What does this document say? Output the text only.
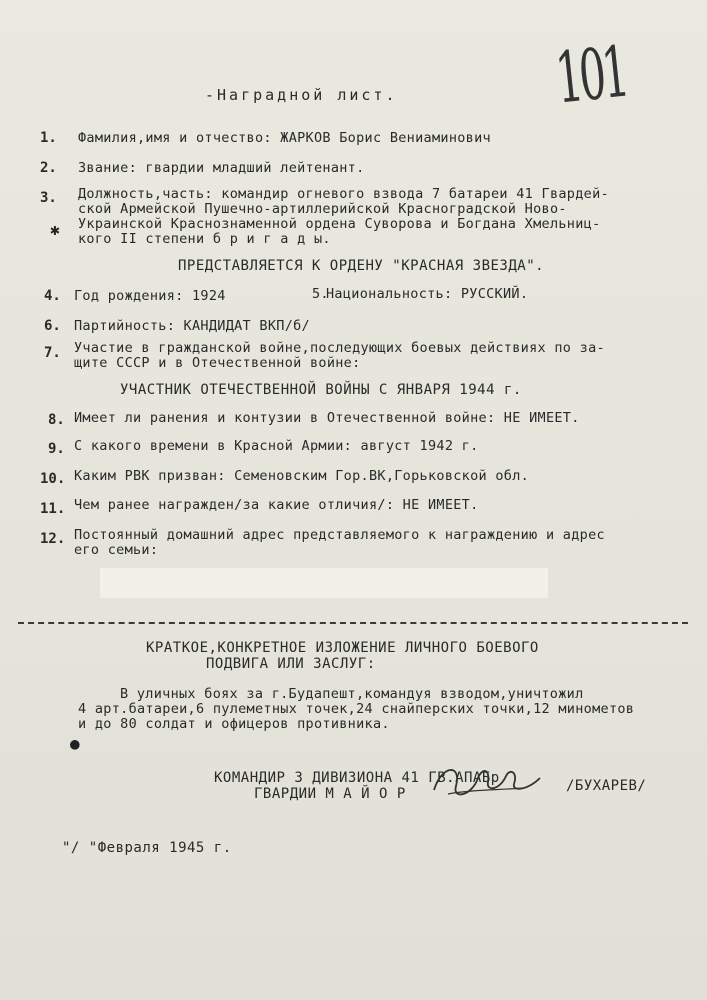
101
-Наградной лист.
1. Фамилия,имя и отчество: ЖАРКОВ Борис Вениаминович
2. Звание: гвардии младший лейтенант.
3. Должность,часть: командир огневого взвода 7 батареи 41 Гвардей-
ской Армейской Пушечно-артиллерийской Красноградской Ново-
Украинской Краснознаменной ордена Суворова и Богдана Хмельниц-
кого II степени б р и г а д ы.
✱
ПРЕДСТАВЛЯЕТСЯ К ОРДЕНУ "КРАСНАЯ ЗВЕЗДА".
4. Год рождения: 1924	5.
Национальность: РУССКИЙ.
6. Партийность: КАНДИДАТ ВКП/б/
7. Участие в гражданской войне,последующих боевых действиях по за-
щите СССР и в Отечественной войне:
УЧАСТНИК ОТЕЧЕСТВЕННОЙ ВОЙНЫ С ЯНВАРЯ 1944 г.
8. Имеет ли ранения и контузии в Отечественной войне: НЕ ИМЕЕТ.
9. С какого времени в Красной Армии: август 1942 г.
10. Каким РВК призван: Семеновским Гор.ВК,Горьковской обл.
11. Чем ранее награжден/за какие отличия/: НЕ ИМЕЕТ.
12. Постоянный домашний адрес представляемого к награждению и адрес
его семьи:
КРАТКОЕ,КОНКРЕТНОЕ ИЗЛОЖЕНИЕ ЛИЧНОГО БОЕВОГО
ПОДВИГА ИЛИ ЗАСЛУГ:
В уличных боях за г.Будапешт,командуя взводом,уничтожил
4 арт.батареи,6 пулеметных точек,24 снайперских точки,12 минометов
и до 80 солдат и офицеров противника.
●
КОМАНДИР 3 ДИВИЗИОНА 41 ГВ.АПАБр
ГВАРДИИ М А Й О Р	/БУХАРЕВ/
"/ "Февраля 1945 г.
